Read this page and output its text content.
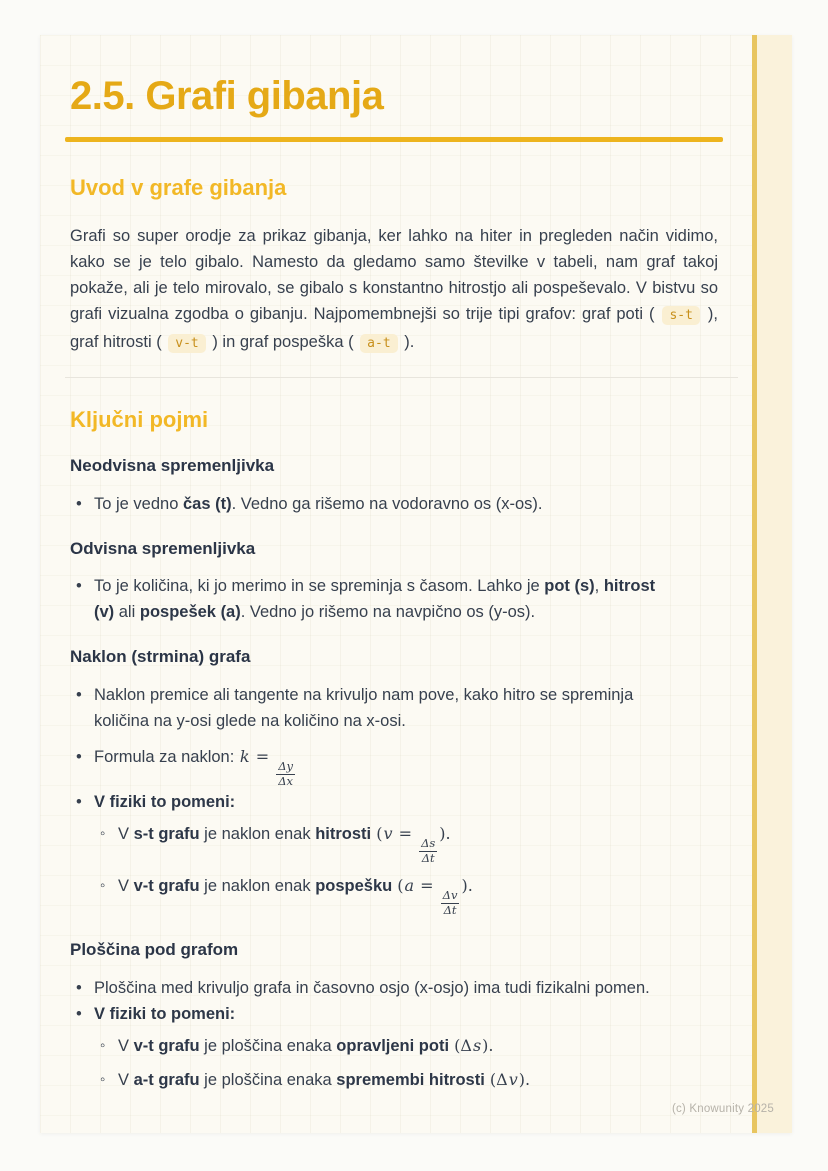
2.5. Grafi gibanja
Uvod v grafe gibanja

Grafi so super orodje za prikaz gibanja, ker lahko na hiter in pregleden način vidimo, kako se je telo gibalo. Namesto da gledamo samo številke v tabeli, nam graf takoj pokaže, ali je telo mirovalo, se gibalo s konstantno hitrostjo ali pospeševalo. V bistvu so grafi vizualna zgodba o gibanju. Najpomembnejši so trije tipi grafov: graf poti ( s-t ), graf hitrosti ( v-t ) in graf pospeška ( a-t ).

Ključni pojmi
Neodvisna spremenljivka
• To je vedno čas (t). Vedno ga rišemo na vodoravno os (x-os).
Odvisna spremenljivka
• To je količina, ki jo merimo in se spreminja s časom. Lahko je pot (s), hitrost (v) ali pospešek (a). Vedno jo rišemo na navpično os (y-os).
Naklon (strmina) grafa
• Naklon premice ali tangente na krivuljo nam pove, kako hitro se spreminja količina na y-osi glede na količino na x-osi.
• Formula za naklon: k =
$\frac{\Delta y}{\Delta x}$
• V fiziki to pomeni:
◦ V s-t grafu je naklon enak hitrosti (v =
$\frac{\Delta s}{\Delta t}$
).
◦ V v-t grafu je naklon enak pospešku (a =
$\frac{\Delta v}{\Delta t}$
).
Ploščina pod grafom
• Ploščina med krivuljo grafa in časovno osjo (x-osjo) ima tudi fizikalni pomen.
• V fiziki to pomeni:
◦ V v-t grafu je ploščina enaka opravljeni poti (Δs).
◦ V a-t grafu je ploščina enaka spremembi hitrosti (Δv).
(c) Knowunity 2025
